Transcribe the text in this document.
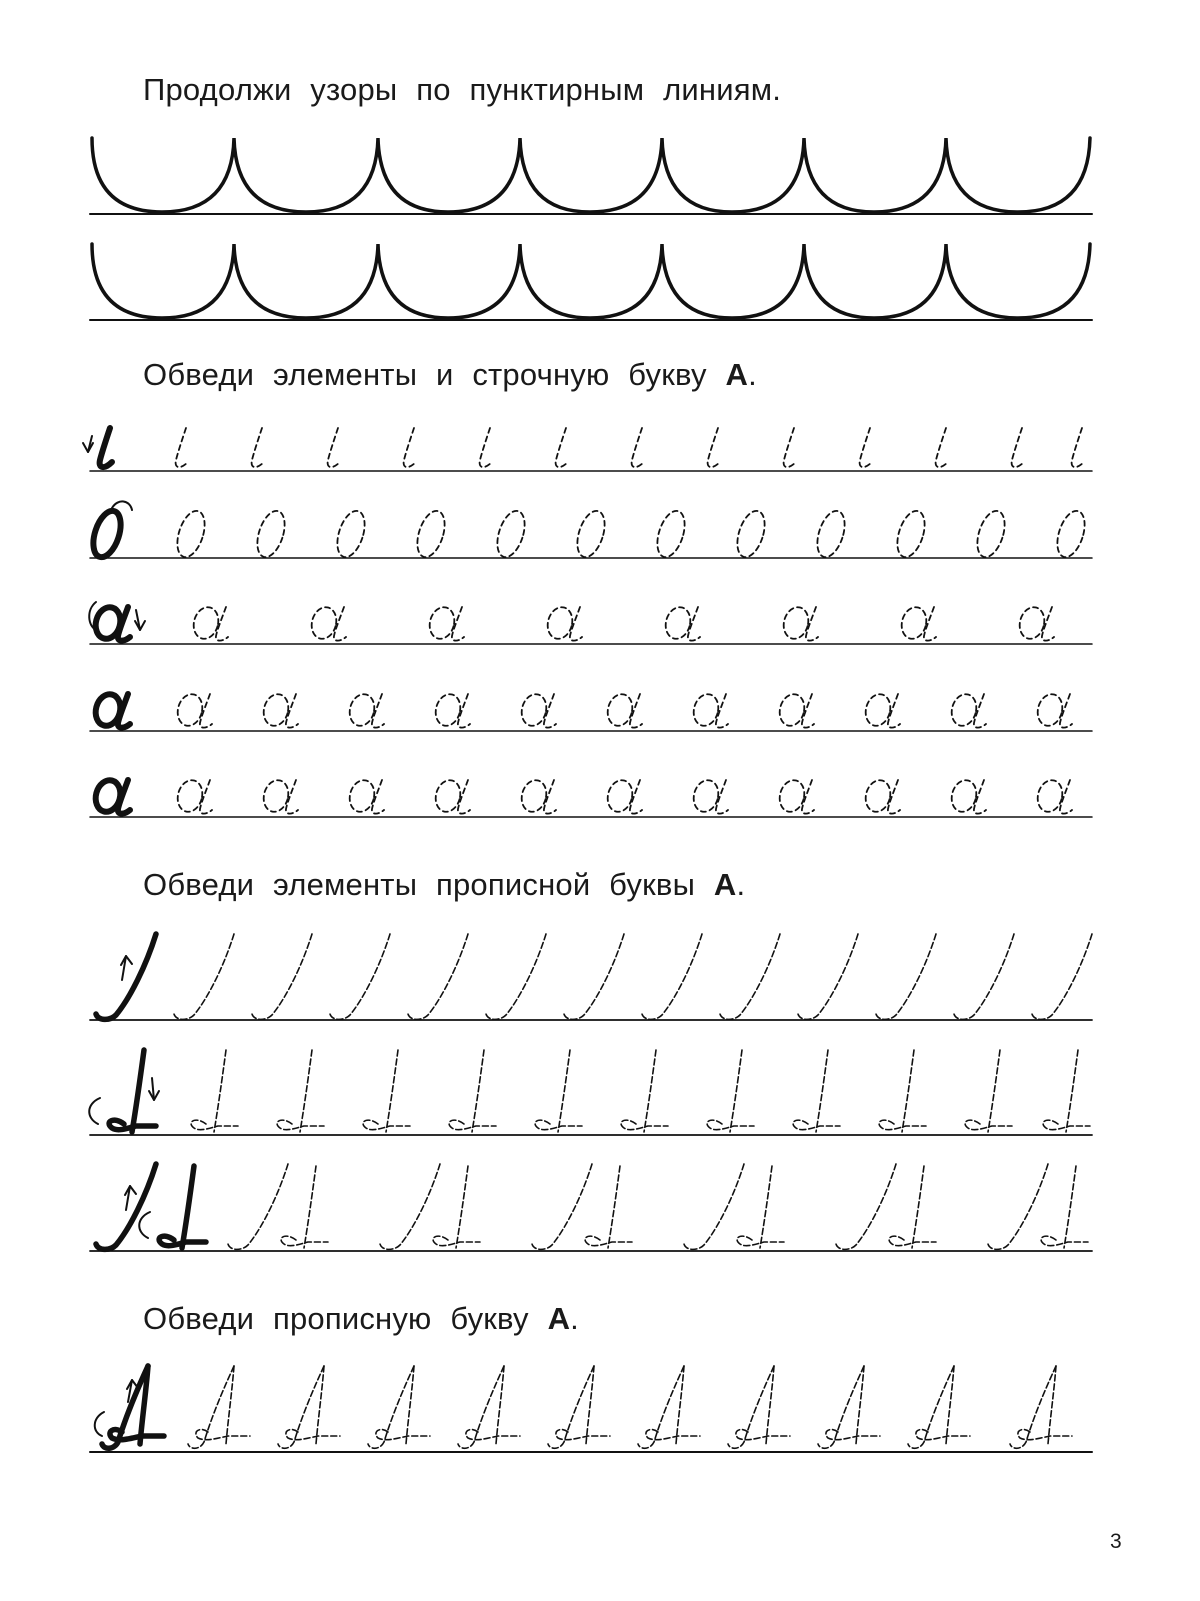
Продолжи узоры по пунктирным линиям.
Обведи элементы и строчную букву А.
Обведи элементы прописной буквы А.
Обведи прописную букву А.
3
